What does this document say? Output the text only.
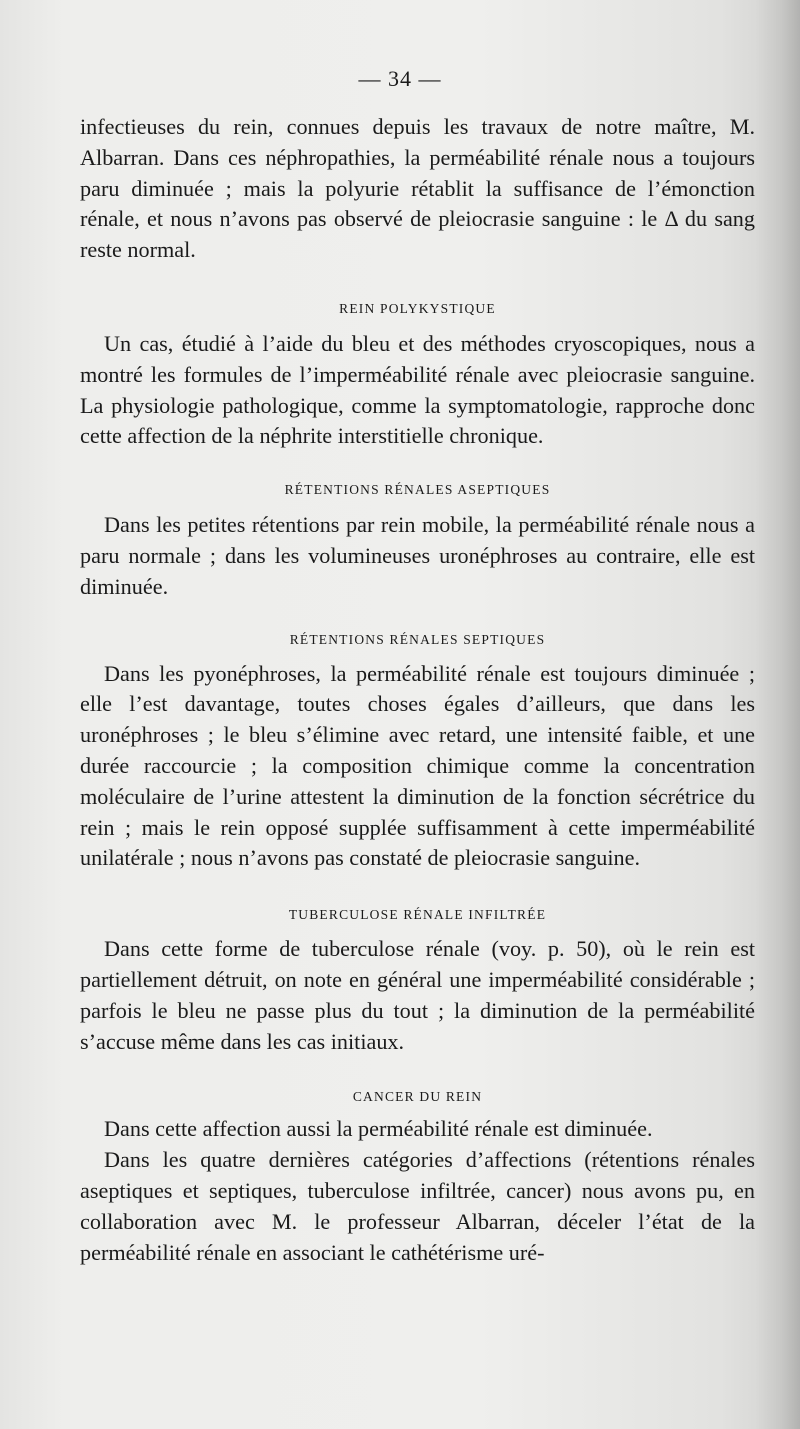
— 34 —

infectieuses du rein, connues depuis les travaux de notre maître, M. Albarran. Dans ces néphropathies, la perméabilité rénale nous a toujours paru diminuée ; mais la polyurie rétablit la suffisance de l’émonction rénale, et nous n’avons pas observé de pleiocrasie sanguine : le Δ du sang reste normal.

REIN POLYKYSTIQUE

Un cas, étudié à l’aide du bleu et des méthodes cryoscopiques, nous a montré les formules de l’imperméabilité rénale avec pleiocrasie sanguine. La physiologie pathologique, comme la symptomatologie, rapproche donc cette affection de la néphrite interstitielle chronique.

RÉTENTIONS RÉNALES ASEPTIQUES

Dans les petites rétentions par rein mobile, la perméabilité rénale nous a paru normale ; dans les volumineuses uronéphroses au contraire, elle est diminuée.

RÉTENTIONS RÉNALES SEPTIQUES

Dans les pyonéphroses, la perméabilité rénale est toujours diminuée ; elle l’est davantage, toutes choses égales d’ailleurs, que dans les uronéphroses ; le bleu s’élimine avec retard, une intensité faible, et une durée raccourcie ; la composition chimique comme la concentration moléculaire de l’urine attestent la diminution de la fonction sécrétrice du rein ; mais le rein opposé supplée suffisamment à cette imperméabilité unilatérale ; nous n’avons pas constaté de pleiocrasie sanguine.

TUBERCULOSE RÉNALE INFILTRÉE

Dans cette forme de tuberculose rénale (voy. p. 50), où le rein est partiellement détruit, on note en général une imperméabilité considérable ; parfois le bleu ne passe plus du tout ; la diminution de la perméabilité s’accuse même dans les cas initiaux.

CANCER DU REIN

Dans cette affection aussi la perméabilité rénale est diminuée.

Dans les quatre dernières catégories d’affections (rétentions rénales aseptiques et septiques, tuberculose infiltrée, cancer) nous avons pu, en collaboration avec M. le professeur Albarran, déceler l’état de la perméabilité rénale en associant le cathétérisme uré-
